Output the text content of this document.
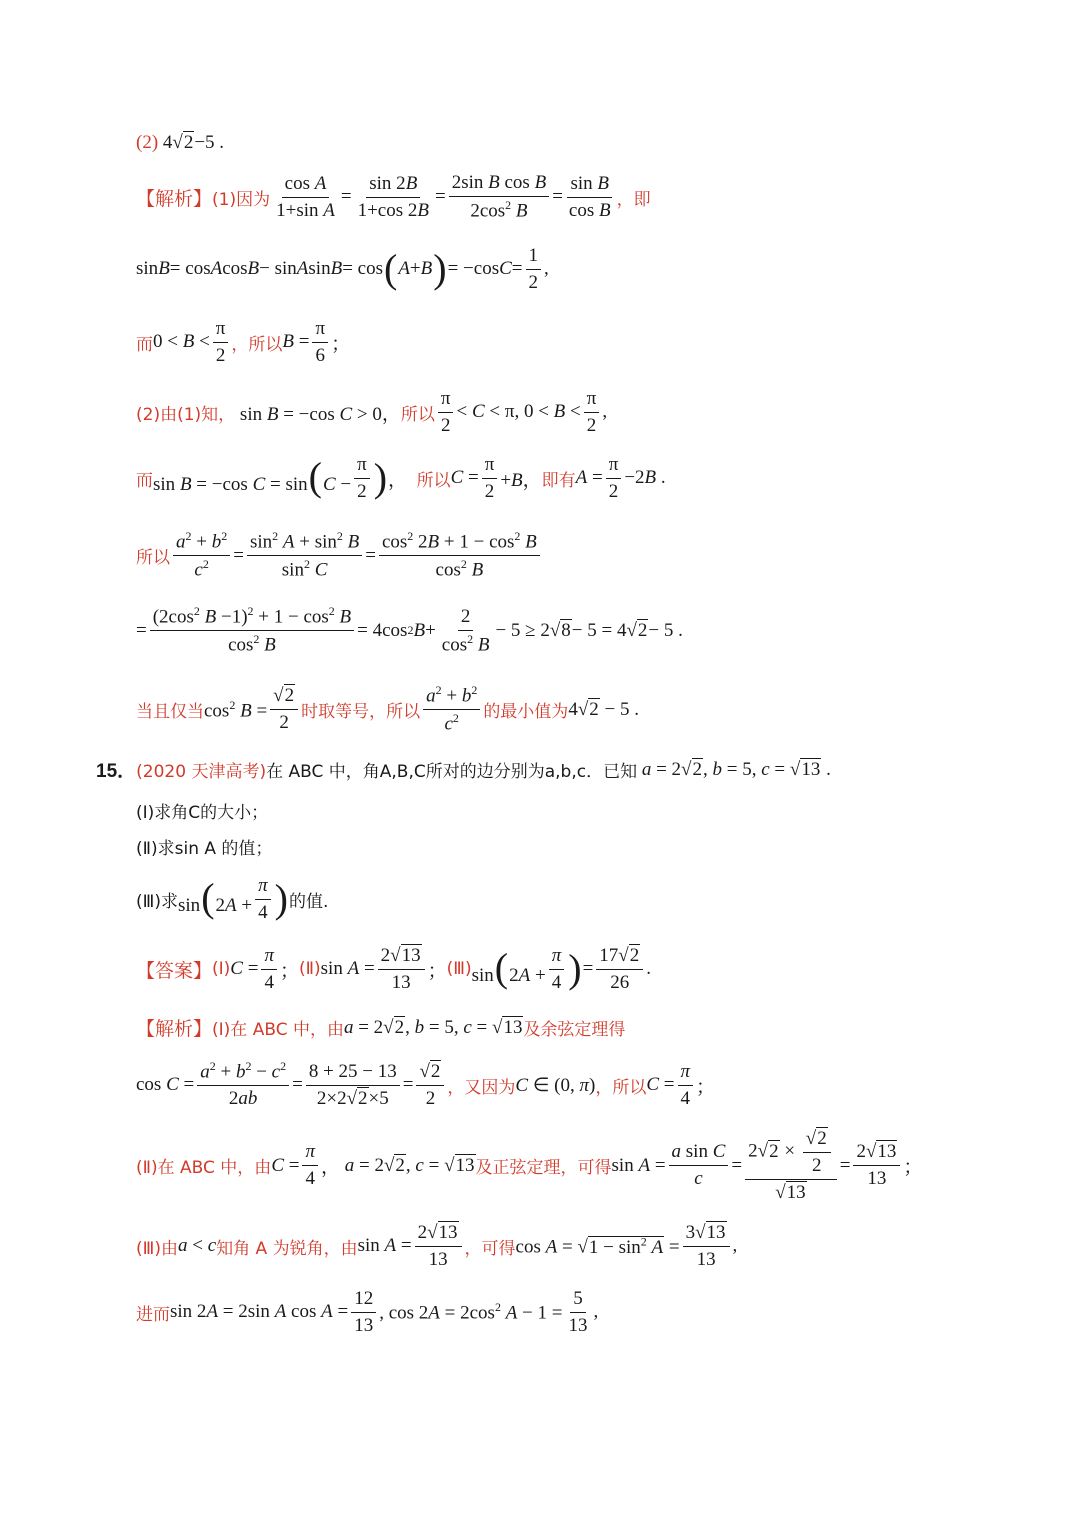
(2)
4√2−5 .
【解析】 (1)因为
cos A
1+sin A
=
sin 2B
1+cos 2B
=
2sin B cos B
$2\cos^2$ B
=
sin B
cos B ，即
sin B = cos A cos B − sin A sin B = cos ( A + B ) = −cos C =
1
2
,
而 0 < B <
π
2 ，所以 $B = \frac{\pi}{6}$ ；
(2)由(1)知， sin B = −cos C > 0， 所以
π
2
< C < π, 0 < B <
π
2
,
而 sin B = −cos $C = \sin(C - \frac{\pi}{2}$ ) ， 所以 $C = \frac{\pi}{2} +B$， 即有 $A = \frac{\pi}{2} -2B$ .
所以
$a^2 + b^2$
$c^2$ =
$\sin^2 A + \sin^2 B$
$\sin^2 C$
=
$\cos^2 2B + 1 - \cos^2 B$
$\cos^2 B$
=
($2\cos^2$ $B -1)^2 + 1 - \cos^2 B$
$\cos^2 B$
= 4cos 2 B +
2
$\cos^2 B$
− 5 ≥ 2√ 8 − 5 = 4√ 2 − 5 .
当且仅当 $\cos^2 B = \frac{√2}{2}$ 时取等号，所以
$a^2 + b^2$
$c^2$ 的最小值为 4√2 − 5 .
15． (2020 天津高考) 在 ABC 中，角A,B,C所对的边分别为a,b,c．已知 a = 2√2, b = 5, c = √13 .
(Ⅰ)求角C的大小；
(Ⅱ)求sin A 的值；
(Ⅲ)求 $\sin(2A + \frac{\pi}{4}$ ) 的值.
【答案】 (Ⅰ) $C = \frac{\pi}{4}$ ； (Ⅱ) $\sin A = \frac{2√13}{13}$ ； (Ⅲ) $\sin(2A + \frac{\pi}{4}$ ) =
17√2
26
.
【解析】 (Ⅰ)在 ABC 中，由 a = 2√2, b = 5, c = √13 及余弦定理得
$\cos C = \frac{a^2 + b^2 - c^2}{2ab}$ =
8 + 25 − 13
2×2√2×5
=
√2
2 ，又因为 C ∈ (0, π) ，所以 $C = \frac{\pi}{4}$ ；
(Ⅱ)在 ABC 中，由 $C = \frac{\pi}{4}$ ， a = 2√2, c = √13 及正弦定理，可得 $\sin A = \frac{\text{a sin C}}{c}$ =
$2√2 \times \frac{√2}{2}$
√13
=
2√13
13
；
(Ⅲ)由 a < c 知角 A 为锐角，由 $\sin A = \frac{2√13}{13}$ ，可得 $\cos A = √1 - \sin^2 A = \frac{3√13}{13}$ ,
进而 sin 2A = 2sin A $\cos A = \frac{12}{13}$ , $\cos 2A = 2\cos^2$ $A - 1 = \frac{5}{13}$ ,
